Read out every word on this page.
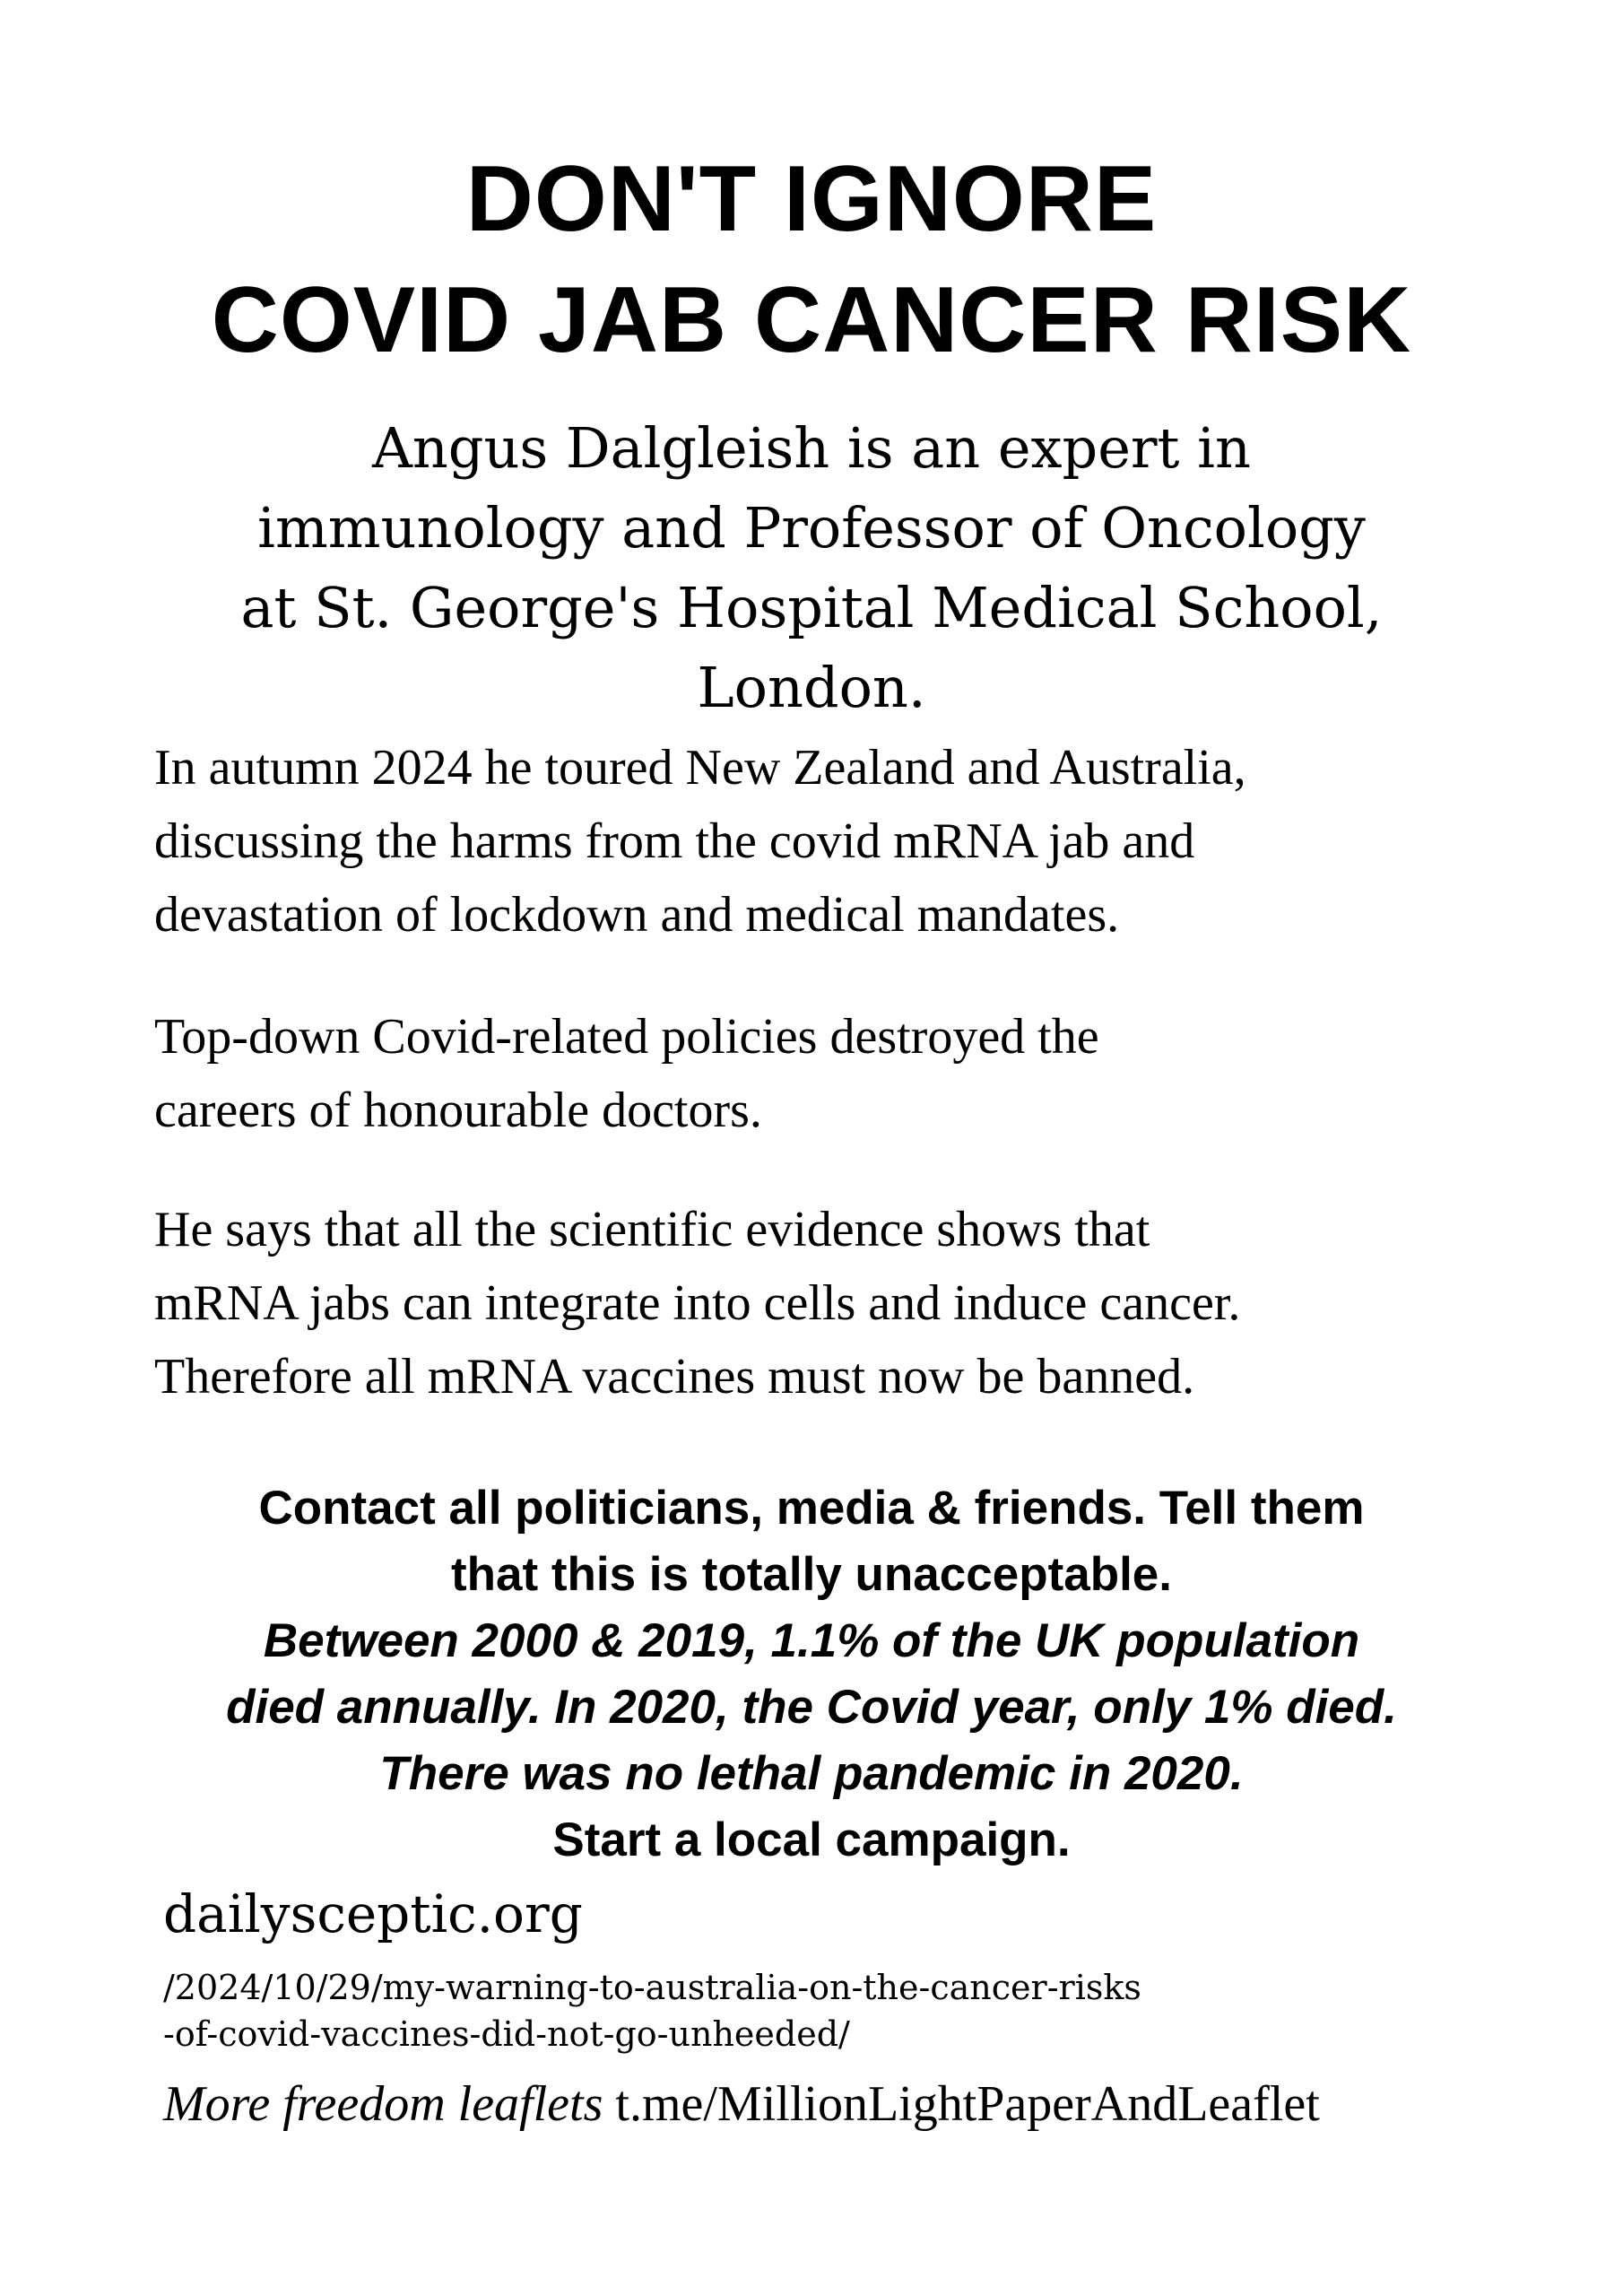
DON'T IGNORE
COVID JAB CANCER RISK
Angus Dalgleish is an expert in
immunology and Professor of Oncology
at St. George's Hospital Medical School,
London.
In autumn 2024 he toured New Zealand and Australia,
discussing the harms from the covid mRNA jab and
devastation of lockdown and medical mandates.
Top-down Covid-related policies destroyed the
careers of honourable doctors.
He says that all the scientific evidence shows that
mRNA jabs can integrate into cells and induce cancer.
Therefore all mRNA vaccines must now be banned.
Contact all politicians, media & friends. Tell them
that this is totally unacceptable.
Between 2000 & 2019, 1.1% of the UK population
died annually. In 2020, the Covid year, only 1% died.
There was no lethal pandemic in 2020.
Start a local campaign.
dailysceptic.org
/2024/10/29/my-warning-to-australia-on-the-cancer-risks
-of-covid-vaccines-did-not-go-unheeded/
More freedom leaflets t.me/MillionLightPaperAndLeaflet
